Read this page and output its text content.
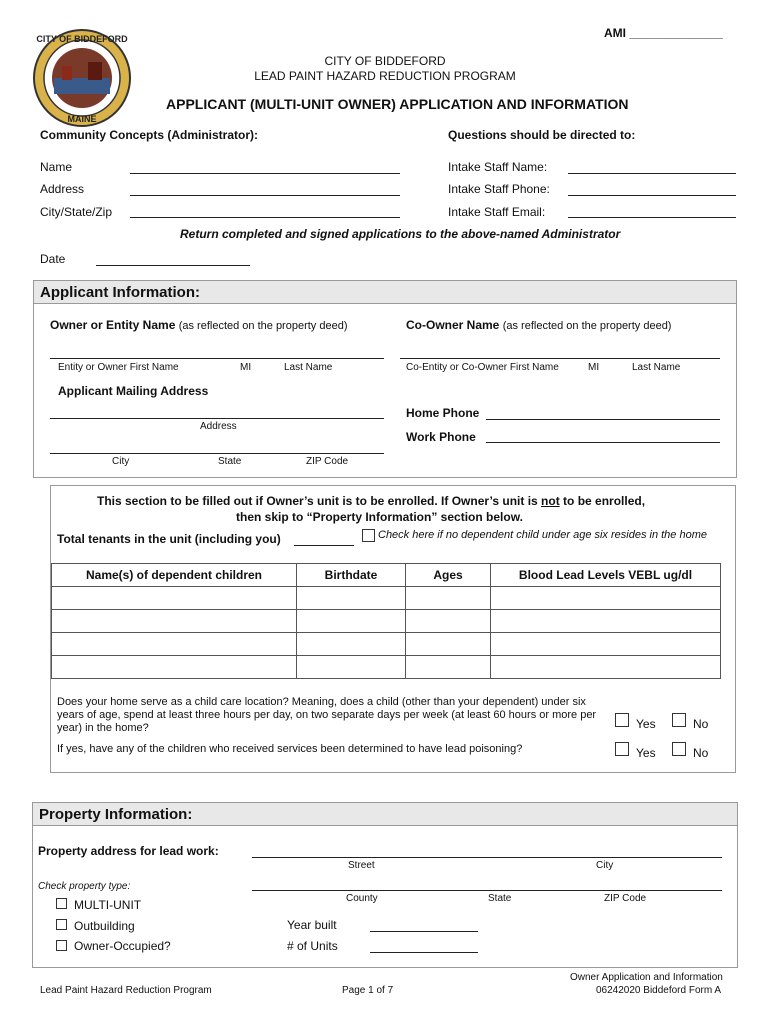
CITY OF BIDDEFORD
MAINE
AMI ______________
CITY OF BIDDEFORD
LEAD PAINT HAZARD REDUCTION PROGRAM
APPLICANT (MULTI-UNIT OWNER) APPLICATION AND INFORMATION
Community Concepts (Administrator):	Questions should be directed to:
Name
Address
City/State/Zip
Intake Staff Name:
Intake Staff Phone:
Intake Staff Email:
Return completed and signed applications to the above-named Administrator
Date
Applicant Information:
Owner or Entity Name (as reflected on the property deed)	Co-Owner Name (as reflected on the property deed)
Entity or Owner First Name	MI	Last Name	Co-Entity or Co-Owner First Name	MI	Last Name
Applicant Mailing Address
Address
City	State	ZIP Code
Home Phone
Work Phone
This section to be filled out if Owner’s unit is to be enrolled. If Owner’s unit is not to be enrolled,
then skip to “Property Information” section below.
Total tenants in the unit (including you)	Check here if no dependent child under age six resides in the home
Name(s) of dependent children	Birthdate	Ages	Blood Lead Levels VEBL ug/dl

Does your home serve as a child care location? Meaning, does a child (other than your dependent) under six years of age, spend at least three hours per day, on two separate days per week (at least 60 hours or more per year) in the home?	Yes	No
If yes, have any of the children who received services been determined to have lead poisoning?	Yes	No
Property Information:
Property address for lead work:
Street	City
Check property type:
County	State	ZIP Code
MULTI-UNIT
Outbuilding
Owner-Occupied?
Year built
# of Units
Lead Paint Hazard Reduction Program	Page 1 of 7
Owner Application and Information
06242020 Biddeford Form A
